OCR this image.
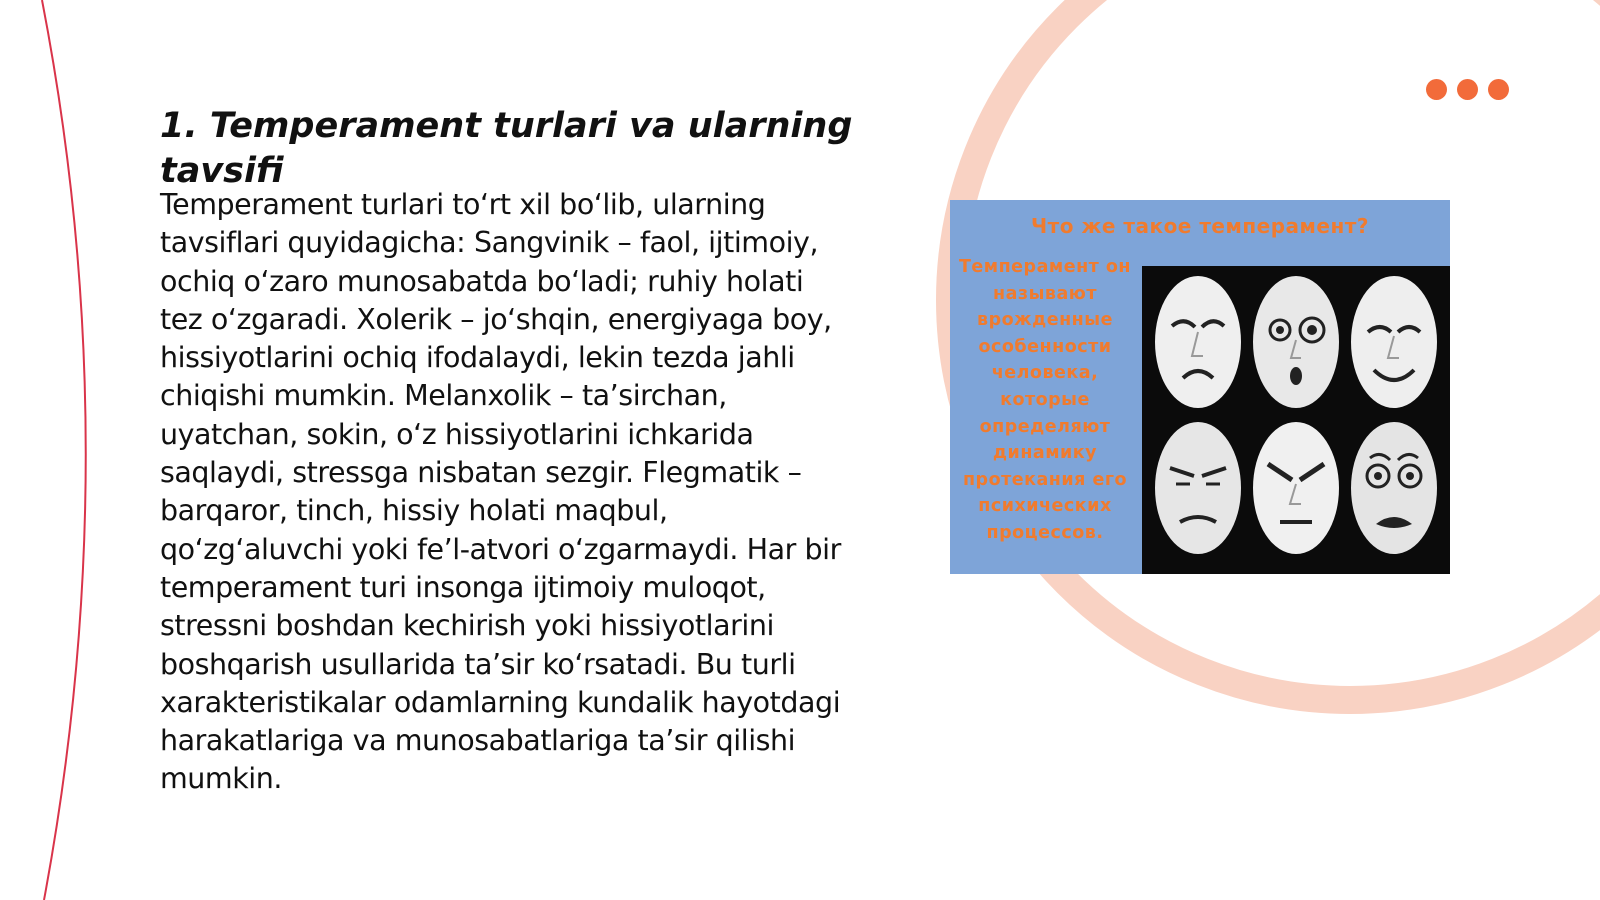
1. Temperament turlari va ularning tavsifi

Temperament turlari to‘rt xil bo‘lib, ularning tavsiflari quyidagicha: Sangvinik – faol, ijtimoiy, ochiq o‘zaro munosabatda bo‘ladi; ruhiy holati tez o‘zgaradi. Xolerik – jo‘shqin, energiyaga boy, hissiyotlarini ochiq ifodalaydi, lekin tezda jahli chiqishi mumkin. Melanxolik – ta’sirchan, uyatchan, sokin, o‘z hissiyotlarini ichkarida saqlaydi, stressga nisbatan sezgir. Flegmatik – barqaror, tinch, hissiy holati maqbul, qo‘zg‘aluvchi yoki fe’l-atvori o‘zgarmaydi. Har bir temperament turi insonga ijtimoiy muloqot, stressni boshdan kechirish yoki hissiyotlarini boshqarish usullarida ta’sir ko‘rsatadi. Bu turli xarakteristikalar odamlarning kundalik hayotdagi harakatlariga va munosabatlariga ta’sir qilishi mumkin.

Что же такое темперамент?
Темперамент он называют врожденные особенности человека, которые определяют динамику протекания его психических процессов.
